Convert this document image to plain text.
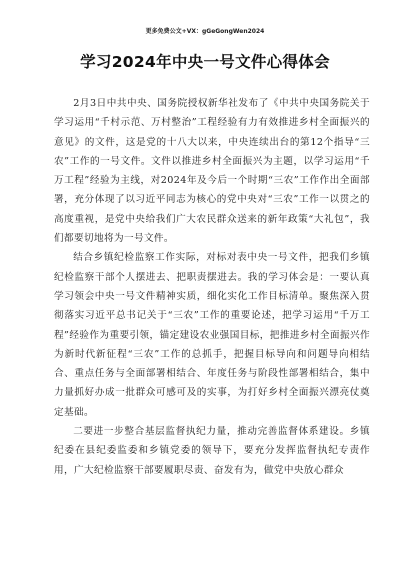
更多免费公文+VX：gGeGongWen2024
学习2024年中央一号文件心得体会

2月3日中共中央、国务院授权新华社发布了《中共中央国务院关于学习运用“千村示范、万村整治”工程经验有力有效推进乡村全面振兴的意见》的文件，这是党的十八大以来，中央连续出台的第12个指导“三农”工作的一号文件。文件以推进乡村全面振兴为主题，以学习运用“千万工程”经验为主线，对2024年及今后一个时期“三农”工作作出全面部署，充分体现了以习近平同志为核心的党中央对“三农”工作一以贯之的高度重视，是党中央给我们广大农民群众送来的新年政策“大礼包”，我们都要切地将为一号文件。

结合乡镇纪检监察工作实际，对标对表中央一号文件，把我们乡镇纪检监察干部个人摆进去、把职责摆进去。我的学习体会是：一要认真学习领会中央一号文件精神实质，细化实化工作目标清单。聚焦深入贯彻落实习近平总书记关于“三农”工作的重要论述，把学习运用“千万工程”经验作为重要引领，锚定建设农业强国目标，把推进乡村全面振兴作为新时代新征程“三农”工作的总抓手，把握目标导向和问题导向相结合、重点任务与全面部署相结合、年度任务与阶段性部署相结合，集中力量抓好办成一批群众可感可及的实事，为打好乡村全面振兴漂亮仗奠定基础。

二要进一步整合基层监督执纪力量，推动完善监督体系建设。乡镇纪委在县纪委监委和乡镇党委的领导下，要充分发挥监督执纪专责作用，广大纪检监察干部要履职尽责、奋发有为，做党中央放心群众
